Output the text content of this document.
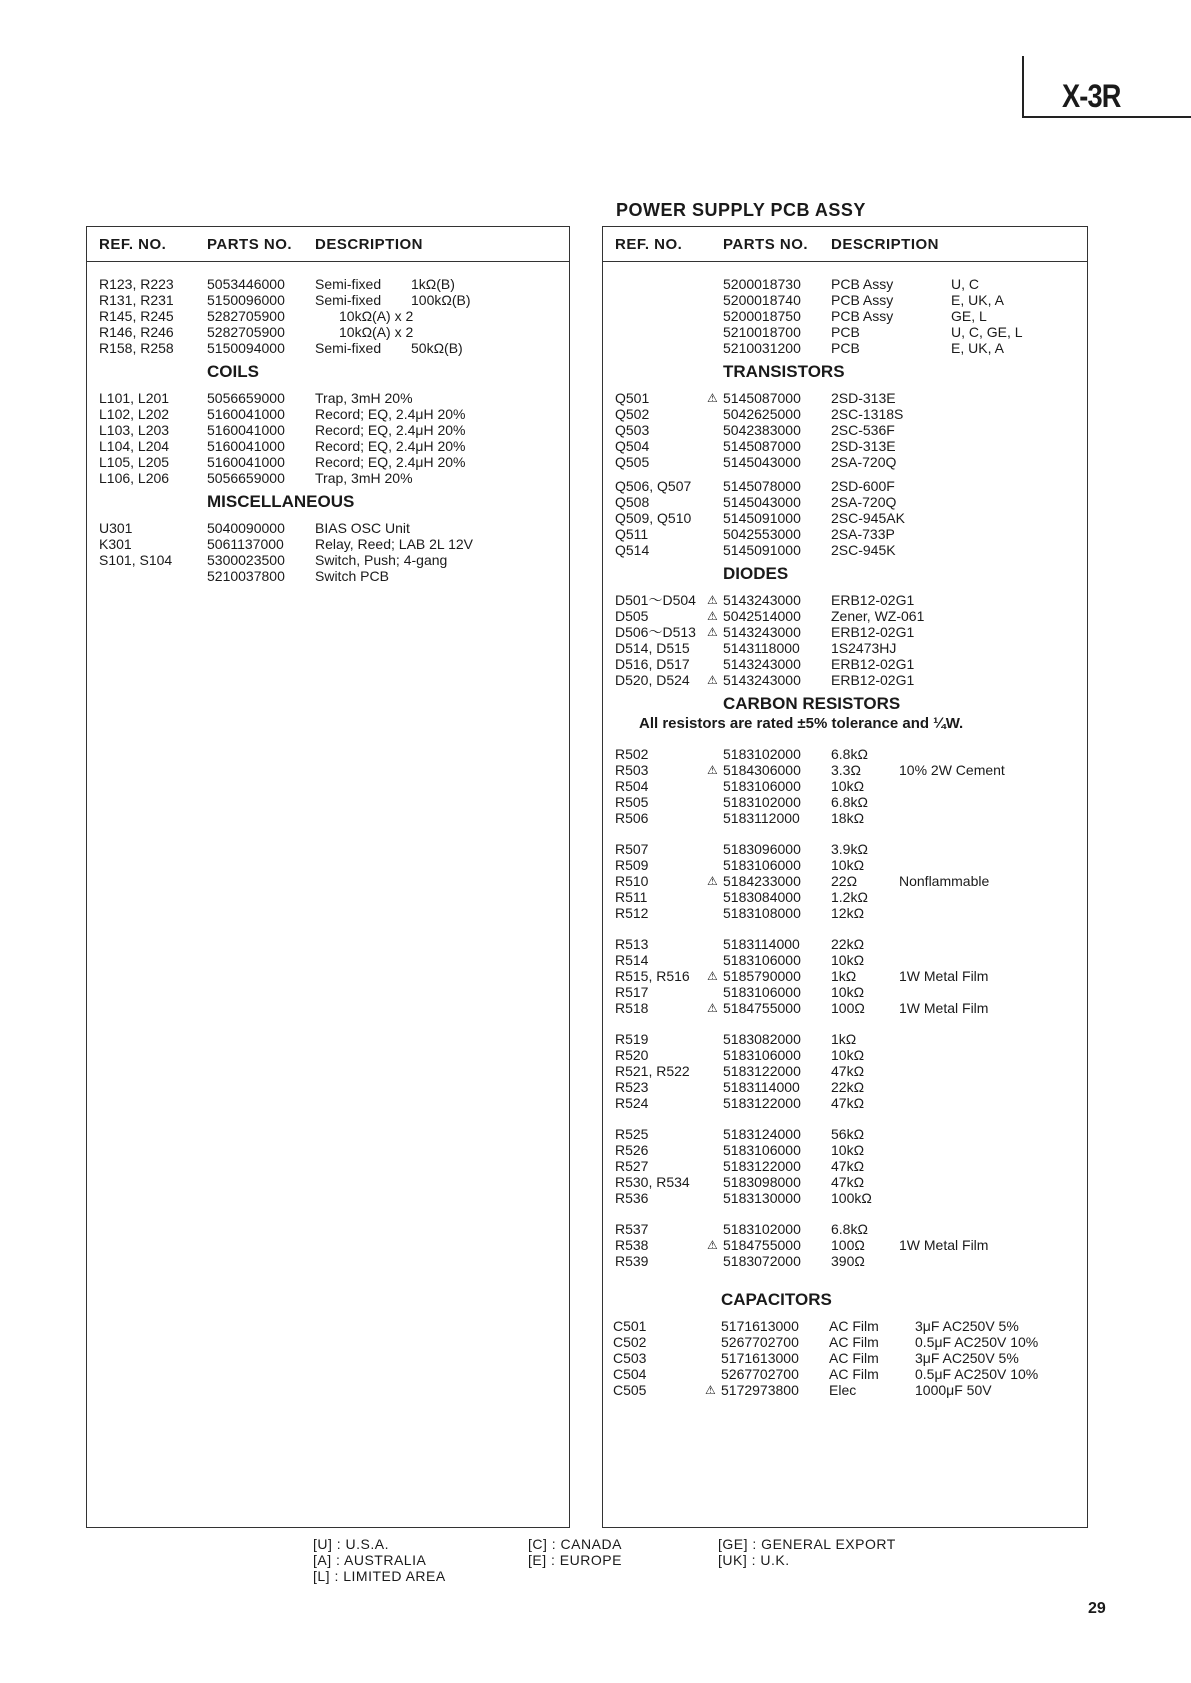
X-3R
POWER SUPPLY PCB ASSY
REF. NO.	PARTS NO. DESCRIPTION
R123, R223 5053446000 Semi-fixed 1kΩ(B)
R131, R231 5150096000 Semi-fixed 100kΩ(B)
R145, R245 5282705900	10kΩ(A) x 2
R146, R246 5282705900	10kΩ(A) x 2
R158, R258 5150094000 Semi-fixed 50kΩ(B)
COILS
L101, L201	5056659000 Trap, 3mH 20%
L102, L202	5160041000 Record; EQ, 2.4μH 20%
L103, L203	5160041000 Record; EQ, 2.4μH 20%
L104, L204	5160041000 Record; EQ, 2.4μH 20%
L105, L205	5160041000 Record; EQ, 2.4μH 20%
L106, L206	5056659000 Trap, 3mH 20%
MISCELLANEOUS
U301	5040090000 BIAS OSC Unit
K301	5061137000 Relay, Reed; LAB 2L 12V
S101, S104 5300023500 Switch, Push; 4-gang
5210037800 Switch PCB
REF. NO.	PARTS NO. DESCRIPTION
5200018730 PCB Assy	U, C
5200018740 PCB Assy	E, UK, A
5200018750 PCB Assy	GE, L
5210018700 PCB	U, C, GE, L
5210031200 PCB	E, UK, A
TRANSISTORS
Q501	⚠ 5145087000 2SD-313E
Q502	5042625000 2SC-1318S
Q503	5042383000 2SC-536F
Q504	5145087000 2SD-313E
Q505	5145043000 2SA-720Q
Q506, Q507 5145078000 2SD-600F
Q508	5145043000 2SA-720Q
Q509, Q510 5145091000 2SC-945AK
Q511	5042553000 2SA-733P
Q514	5145091000 2SC-945K
DIODES
D501～D504 ⚠ 5143243000 ERB12-02G1
D505	⚠ 5042514000 Zener, WZ-061
D506～D513 ⚠ 5143243000 ERB12-02G1
D514, D515 5143118000 1S2473HJ
D516, D517 5143243000 ERB12-02G1
D520, D524 ⚠ 5143243000 ERB12-02G1
CARBON RESISTORS
All resistors are rated ±5% tolerance and ¼W.
R502	5183102000 6.8kΩ
R503	⚠ 5184306000 3.3Ω	10% 2W Cement
R504	5183106000 10kΩ
R505	5183102000 6.8kΩ
R506	5183112000 18kΩ
R507	5183096000 3.9kΩ
R509	5183106000 10kΩ
R510	⚠ 5184233000 22Ω	Nonflammable
R511	5183084000 1.2kΩ
R512	5183108000 12kΩ
R513	5183114000 22kΩ
R514	5183106000 10kΩ
R515, R516 ⚠ 5185790000 1kΩ	1W Metal Film
R517	5183106000 10kΩ
R518	⚠ 5184755000 100Ω 1W Metal Film
R519	5183082000 1kΩ
R520	5183106000 10kΩ
R521, R522 5183122000 47kΩ
R523	5183114000 22kΩ
R524	5183122000 47kΩ
R525	5183124000 56kΩ
R526	5183106000 10kΩ
R527	5183122000 47kΩ
R530, R534 5183098000 47kΩ
R536	5183130000 100kΩ
R537	5183102000 6.8kΩ
R538	⚠ 5184755000 100Ω 1W Metal Film
R539	5183072000 390Ω
CAPACITORS
C501	5171613000 AC Film	3μF AC250V 5%
C502	5267702700 AC Film	0.5μF AC250V 10%
C503	5171613000 AC Film	3μF AC250V 5%
C504	5267702700 AC Film	0.5μF AC250V 10%
C505	⚠ 5172973800 Elec	1000μF 50V
[U] : U.S.A.
[A] : AUSTRALIA
[L] : LIMITED AREA
[C] : CANADA
[E] : EUROPE
[GE] : GENERAL EXPORT
[UK] : U.K.
29
